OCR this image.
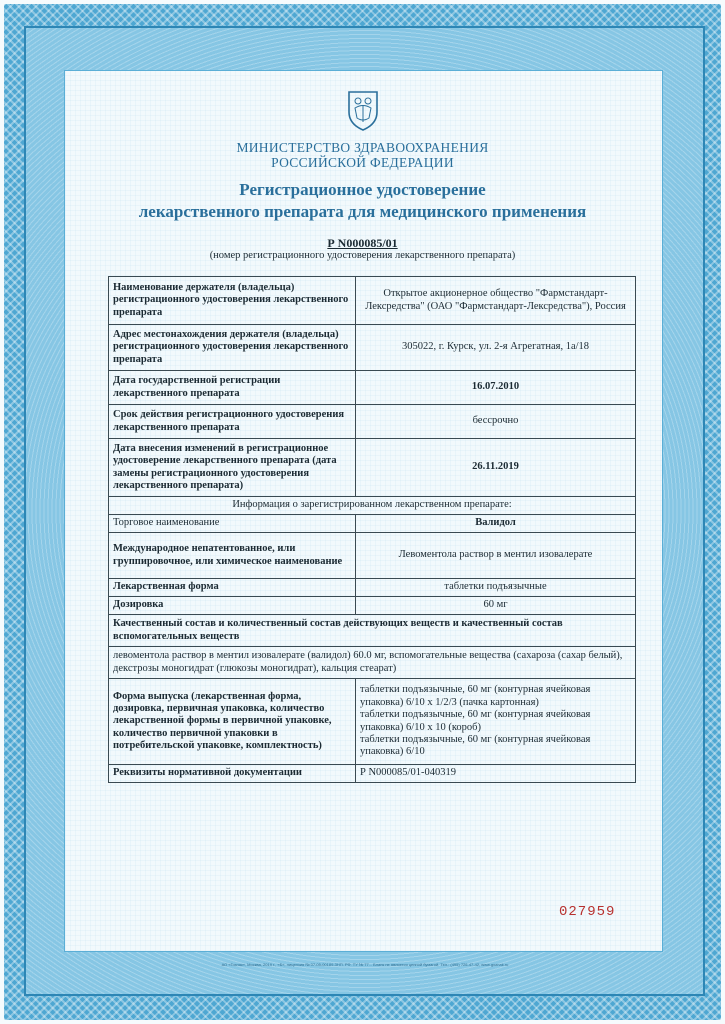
МИНИСТЕРСТВО ЗДРАВООХРАНЕНИЯ
РОССИЙСКОЙ ФЕДЕРАЦИИ
Регистрационное удостоверение
лекарственного препарата для медицинского применения
Р N000085/01
(номер регистрационного удостоверения лекарственного препарата)
Наименование держателя (владельца) регистрационного удостоверения лекарственного препарата	Открытое акционерное общество "Фармстандарт-Лексредства" (ОАО "Фармстандарт-Лексредства"), Россия
Адрес местонахождения держателя (владельца) регистрационного удостоверения лекарственного препарата	305022, г. Курск, ул. 2-я Агрегатная, 1а/18
Дата государственной регистрации лекарственного препарата	16.07.2010
Срок действия регистрационного удостоверения лекарственного препарата	бессрочно
Дата внесения изменений в регистрационное удостоверение лекарственного препарата (дата замены регистрационного удостоверения лекарственного препарата)	26.11.2019
Информация о зарегистрированном лекарственном препарате:	
Торговое наименование	Валидол
Международное непатентованное, или группировочное, или химическое наименование	Левоментола раствор в ментил изовалерате
Лекарственная форма	таблетки подъязычные
Дозировка	60 мг
Качественный состав и количественный состав действующих веществ и качественный состав вспомогательных веществ	
левоментола раствор в ментил изовалерате (валидол) 60.0 мг, вспомогательные вещества (сахароза (сахар белый), декстрозы моногидрат (глюкозы моногидрат), кальция стеарат)	
Форма выпуска (лекарственная форма, дозировка, первичная упаковка, количество лекарственной формы в первичной упаковке, количество первичной упаковки в потребительской упаковке, комплектность)	таблетки подъязычные, 60 мг (контурная ячейковая упаковка) 6/10 х 1/2/3 (пачка картонная)
таблетки подъязычные, 60 мг (контурная ячейковая упаковка) 6/10 х 10 (короб)
таблетки подъязычные, 60 мг (контурная ячейковая упаковка) 6/10

Реквизиты нормативной документации	Р N000085/01-040319
027959
АО «Гознак», Москва, 2019 г., «Б», лицензия № 07-05-00189-3НП. РФ. ТУ № 77... Бланк не является ценной бумагой. Тел.: (495) 726-47-42, www.goznak.ru
